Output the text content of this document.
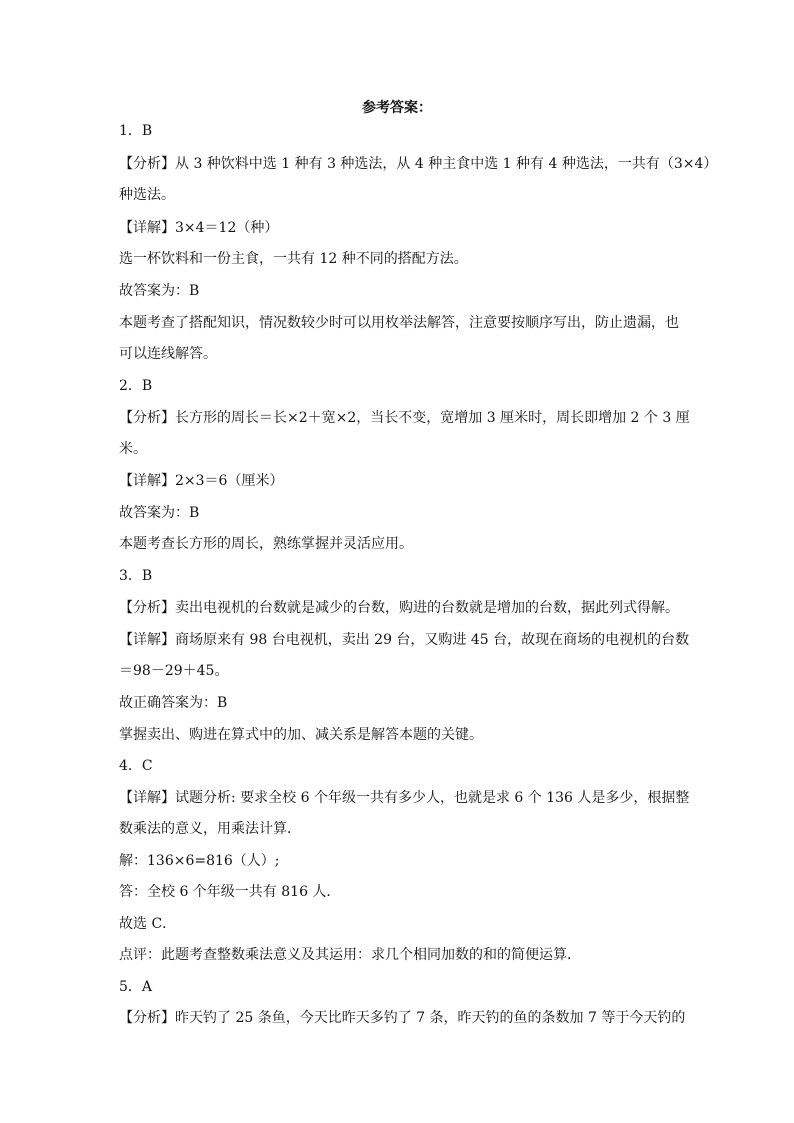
参考答案：
1．B
【分析】从 3 种饮料中选 1 种有 3 种选法，从 4 种主食中选 1 种有 4 种选法，一共有（3×4）
种选法。
【详解】3×4＝12（种）
选一杯饮料和一份主食，一共有 12 种不同的搭配方法。
故答案为：B
本题考查了搭配知识，情况数较少时可以用枚举法解答，注意要按顺序写出，防止遗漏，也
可以连线解答。
2．B
【分析】长方形的周长＝长×2＋宽×2，当长不变，宽增加 3 厘米时，周长即增加 2 个 3 厘
米。
【详解】2×3＝6（厘米）
故答案为：B
本题考查长方形的周长，熟练掌握并灵活应用。
3．B
【分析】卖出电视机的台数就是减少的台数，购进的台数就是增加的台数，据此列式得解。
【详解】商场原来有 98 台电视机，卖出 29 台，又购进 45 台，故现在商场的电视机的台数
＝98－29＋45。
故正确答案为：B
掌握卖出、购进在算式中的加、减关系是解答本题的关键。
4．C
【详解】试题分析: 要求全校 6 个年级一共有多少人，也就是求 6 个 136 人是多少，根据整
数乘法的意义，用乘法计算．
解：136×6=816（人）;
答：全校 6 个年级一共有 816 人．
故选 C．
点评：此题考查整数乘法意义及其运用：求几个相同加数的和的简便运算．
5．A
【分析】昨天钓了 25 条鱼，今天比昨天多钓了 7 条，昨天钓的鱼的条数加 7 等于今天钓的
